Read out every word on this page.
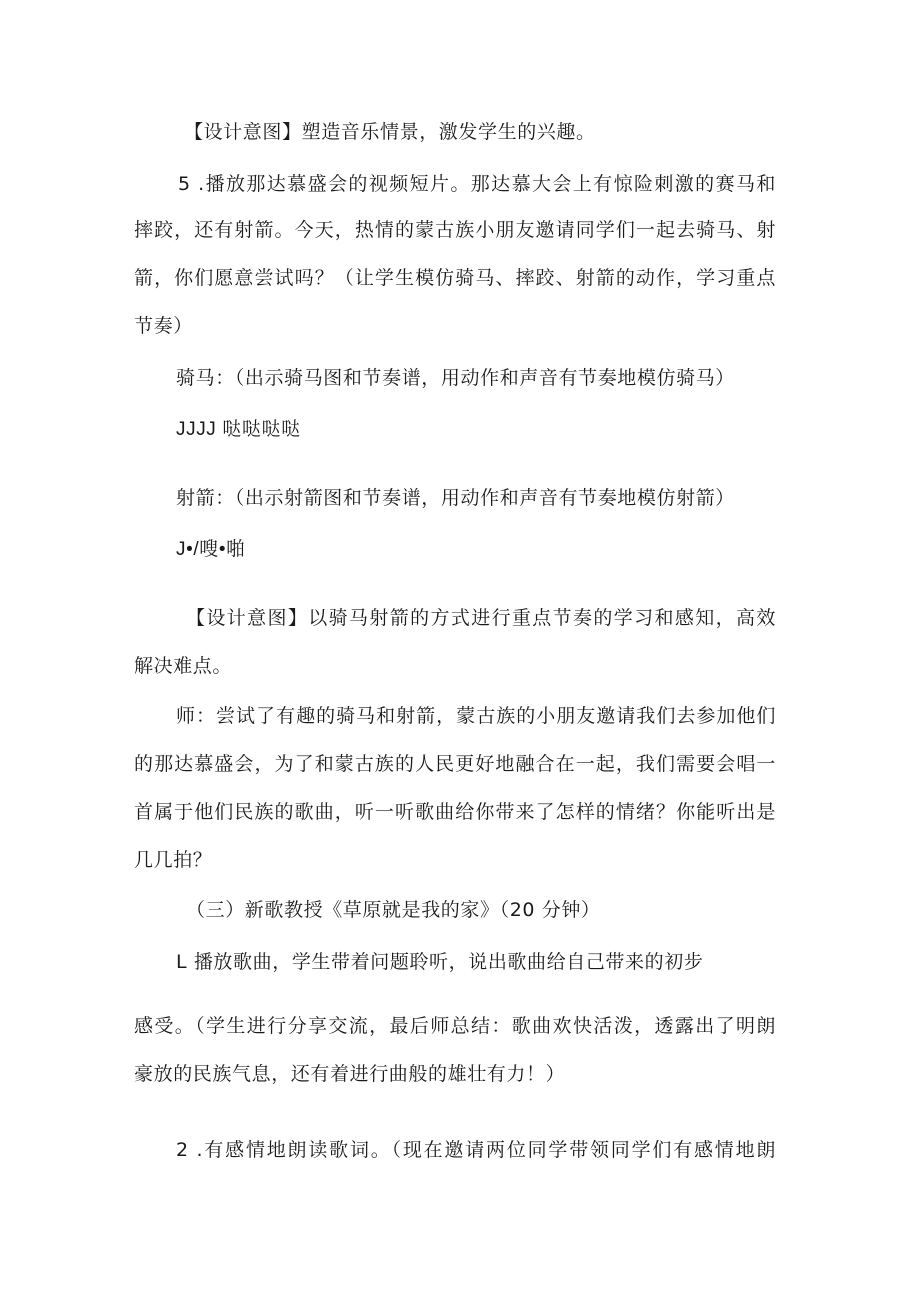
【设计意图】塑造音乐情景，激发学生的兴趣。
5 .播放那达慕盛会的视频短片。那达慕大会上有惊险刺激的赛马和
摔跤，还有射箭。今天，热情的蒙古族小朋友邀请同学们一起去骑马、射
箭，你们愿意尝试吗？（让学生模仿骑马、摔跤、射箭的动作，学习重点
节奏）
骑马：（出示骑马图和节奏谱，用动作和声音有节奏地模仿骑马）
JJJJ 哒哒哒哒
射箭：（出示射箭图和节奏谱，用动作和声音有节奏地模仿射箭）
J•/嗖•啪
【设计意图】以骑马射箭的方式进行重点节奏的学习和感知，高效
解决难点。
师：尝试了有趣的骑马和射箭，蒙古族的小朋友邀请我们去参加他们
的那达慕盛会，为了和蒙古族的人民更好地融合在一起，我们需要会唱一
首属于他们民族的歌曲，听一听歌曲给你带来了怎样的情绪？你能听出是
几几拍？
（三）新歌教授《草原就是我的家》（20 分钟）
L 播放歌曲，学生带着问题聆听，说出歌曲给自己带来的初步
感受。（学生进行分享交流，最后师总结：歌曲欢快活泼，透露出了明朗
豪放的民族气息，还有着进行曲般的雄壮有力！）
2 .有感情地朗读歌词。（现在邀请两位同学带领同学们有感情地朗
